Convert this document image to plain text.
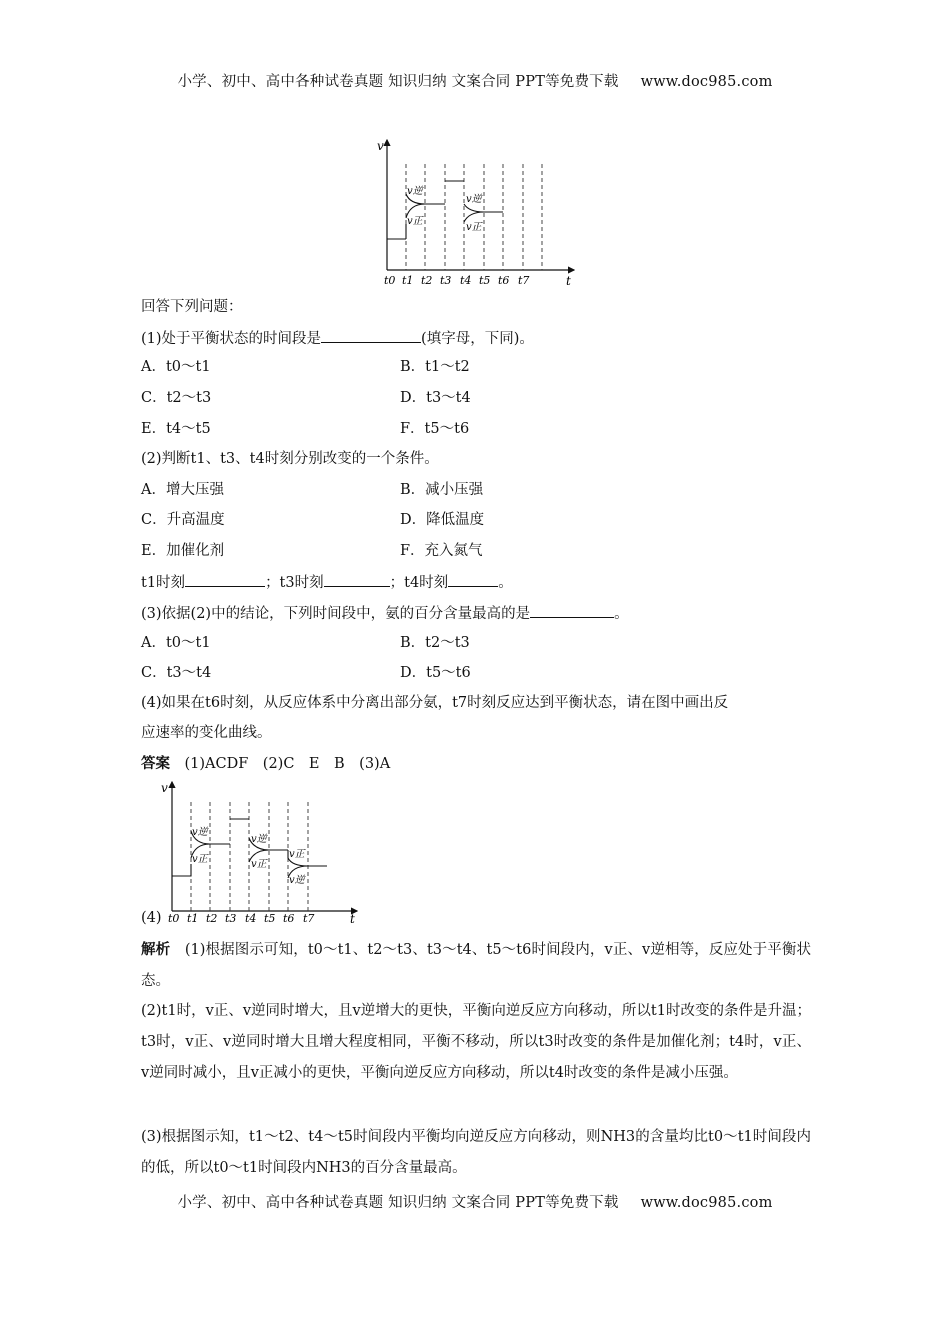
小学、初中、高中各种试卷真题 知识归纳 文案合同 PPT等免费下载 www.doc985.com
v
t
v逆
v正
v逆
v正
t0 t1 t2 t3 t4 t5 t6 t7
回答下列问题：
(1)处于平衡状态的时间段是	(填字母，下同)。
A．t0～t1	B．t1～t2
C．t2～t3	D．t3～t4
E．t4～t5	F．t5～t6
(2)判断t1、t3、t4时刻分别改变的一个条件。
A．增大压强	B．减小压强
C．升高温度	D．降低温度
E．加催化剂	F．充入氮气
t1时刻	；t3时刻	；t4时刻	。
(3)依据(2)中的结论，下列时间段中，氨的百分含量最高的是	。
A．t0～t1	B．t2～t3
C．t3～t4	D．t5～t6
(4)如果在t6时刻，从反应体系中分离出部分氨，t7时刻反应达到平衡状态，请在图中画出反
应速率的变化曲线。
答案　 (1)ACDF　(2)C　E　B　(3)A
(4)
v
t
v逆
v正
v逆
v正
v正
v逆
t0 t1 t2 t3 t4 t5 t6 t7
解析　 (1)根据图示可知，t0～t1、t2～t3、t3～t4、t5～t6时间段内，v正、v逆相等，反应处于平衡状态。
(2)t1时，v正、v逆同时增大，且v逆增大的更快，平衡向逆反应方向移动，所以t1时改变的条件是升温；t3时，v正、v逆同时增大且增大程度相同，平衡不移动，所以t3时改变的条件是加催化剂；t4时，v正、v逆同时减小，且v正减小的更快，平衡向逆反应方向移动，所以t4时改变的条件是减小压强。
(3)根据图示知，t1～t2、t4～t5时间段内平衡均向逆反应方向移动，则NH3的含量均比t0～t1时间段内的低，所以t0～t1时间段内NH3的百分含量最高。
小学、初中、高中各种试卷真题 知识归纳 文案合同 PPT等免费下载 www.doc985.com
